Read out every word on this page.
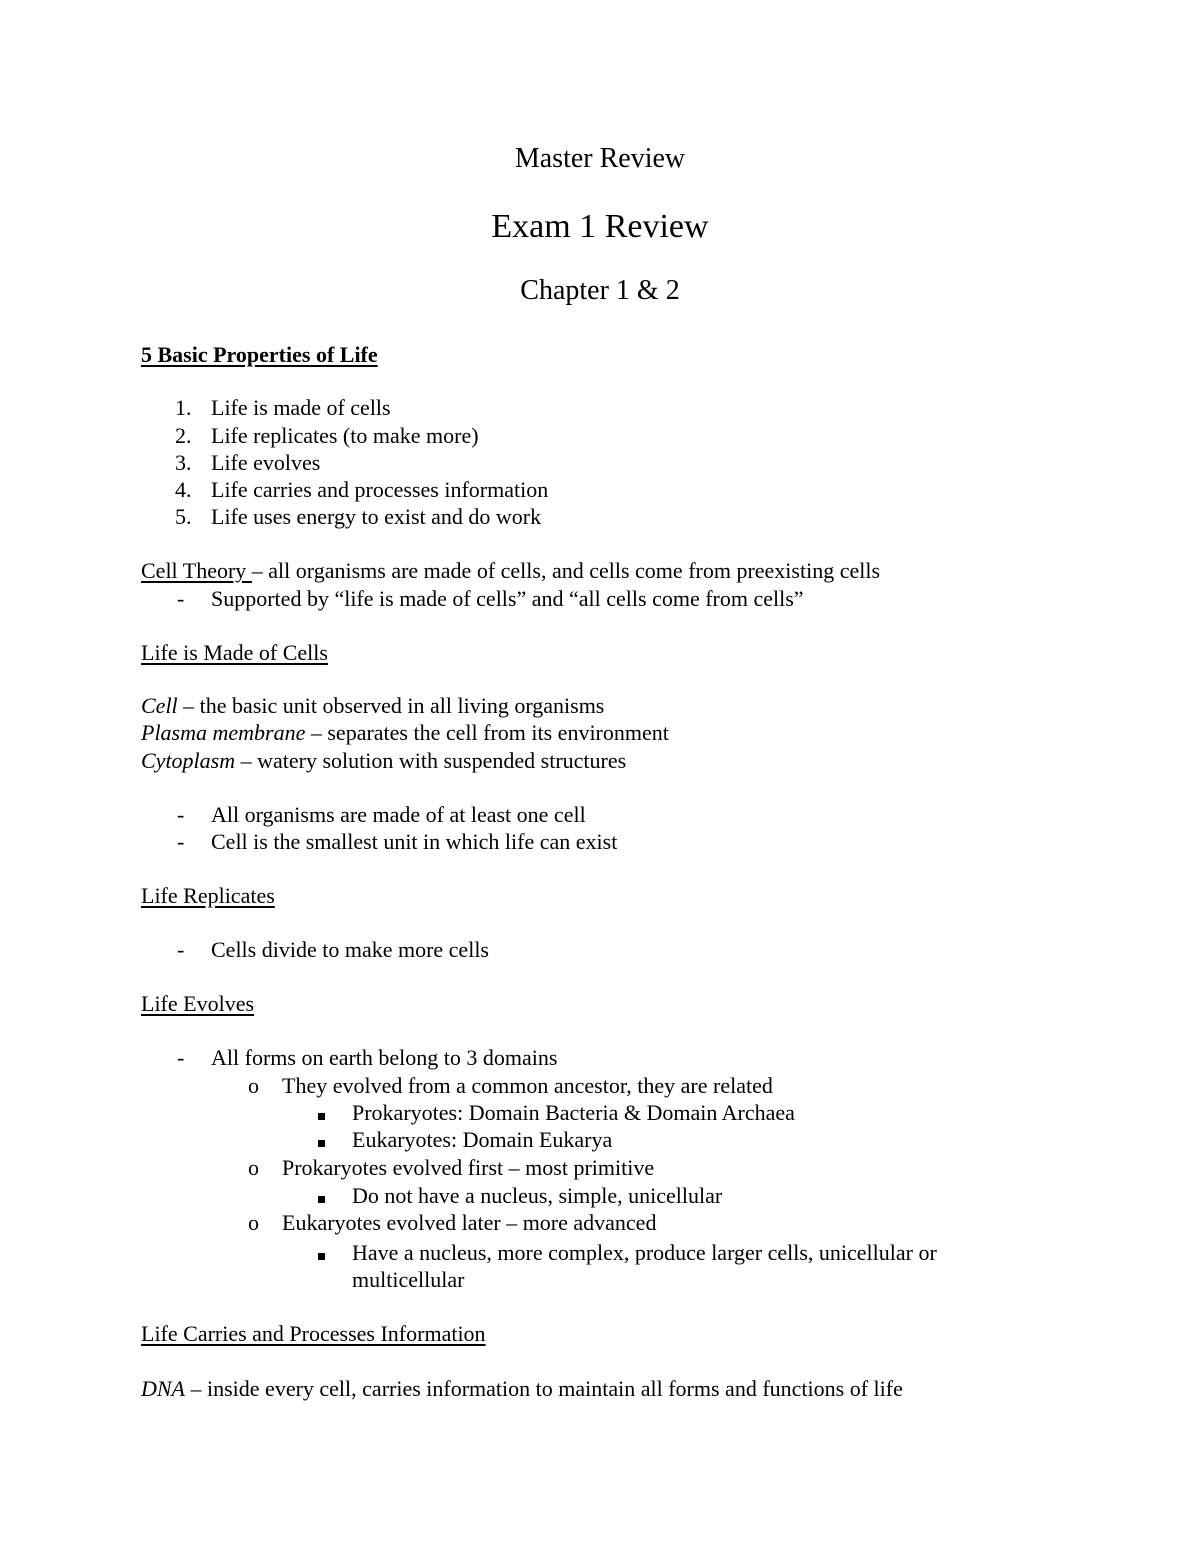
Master Review
Exam 1 Review
Chapter 1 & 2
5 Basic Properties of Life
1. Life is made of cells
2. Life replicates (to make more)
3. Life evolves
4. Life carries and processes information
5. Life uses energy to exist and do work
Cell Theory – all organisms are made of cells, and cells come from preexisting cells
- Supported by “life is made of cells” and “all cells come from cells”
Life is Made of Cells
Cell – the basic unit observed in all living organisms
Plasma membrane – separates the cell from its environment
Cytoplasm – watery solution with suspended structures
- All organisms are made of at least one cell
- Cell is the smallest unit in which life can exist
Life Replicates
- Cells divide to make more cells
Life Evolves
- All forms on earth belong to 3 domains
o They evolved from a common ancestor, they are related
Prokaryotes: Domain Bacteria & Domain Archaea
Eukaryotes: Domain Eukarya
o Prokaryotes evolved first – most primitive
Do not have a nucleus, simple, unicellular
o Eukaryotes evolved later – more advanced
Have a nucleus, more complex, produce larger cells, unicellular or
multicellular
Life Carries and Processes Information
DNA – inside every cell, carries information to maintain all forms and functions of life
